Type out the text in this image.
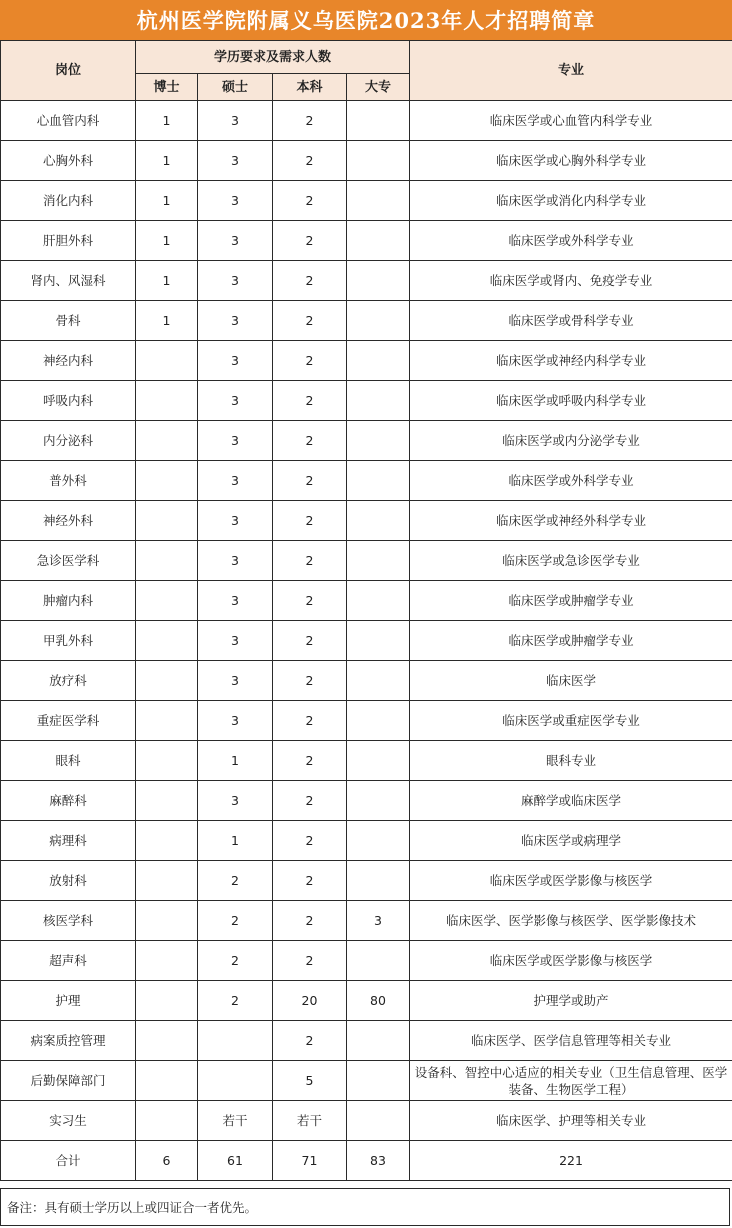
杭州医学院附属义乌医院2023年人才招聘简章
岗位	学历要求及需求人数				专业
	博士	硕士	本科	大专	
心血管内科	1	3	2		临床医学或心血管内科学专业
心胸外科	1	3	2		临床医学或心胸外科学专业
消化内科	1	3	2		临床医学或消化内科学专业
肝胆外科	1	3	2		临床医学或外科学专业
肾内、风湿科	1	3	2		临床医学或肾内、免疫学专业
骨科	1	3	2		临床医学或骨科学专业
神经内科		3	2		临床医学或神经内科学专业
呼吸内科		3	2		临床医学或呼吸内科学专业
内分泌科		3	2		临床医学或内分泌学专业
普外科		3	2		临床医学或外科学专业
神经外科		3	2		临床医学或神经外科学专业
急诊医学科		3	2		临床医学或急诊医学专业
肿瘤内科		3	2		临床医学或肿瘤学专业
甲乳外科		3	2		临床医学或肿瘤学专业
放疗科		3	2		临床医学
重症医学科		3	2		临床医学或重症医学专业
眼科		1	2		眼科专业
麻醉科		3	2		麻醉学或临床医学
病理科		1	2		临床医学或病理学
放射科		2	2		临床医学或医学影像与核医学
核医学科		2	2	3	临床医学、医学影像与核医学、医学影像技术
超声科		2	2		临床医学或医学影像与核医学
护理		2	20	80	护理学或助产
病案质控管理			2		临床医学、医学信息管理等相关专业
后勤保障部门			5		设备科、智控中心适应的相关专业（卫生信息管理、医学装备、生物医学工程）
实习生		若干	若干		临床医学、护理等相关专业
合计	6	61	71	83	221
备注：具有硕士学历以上或四证合一者优先。
